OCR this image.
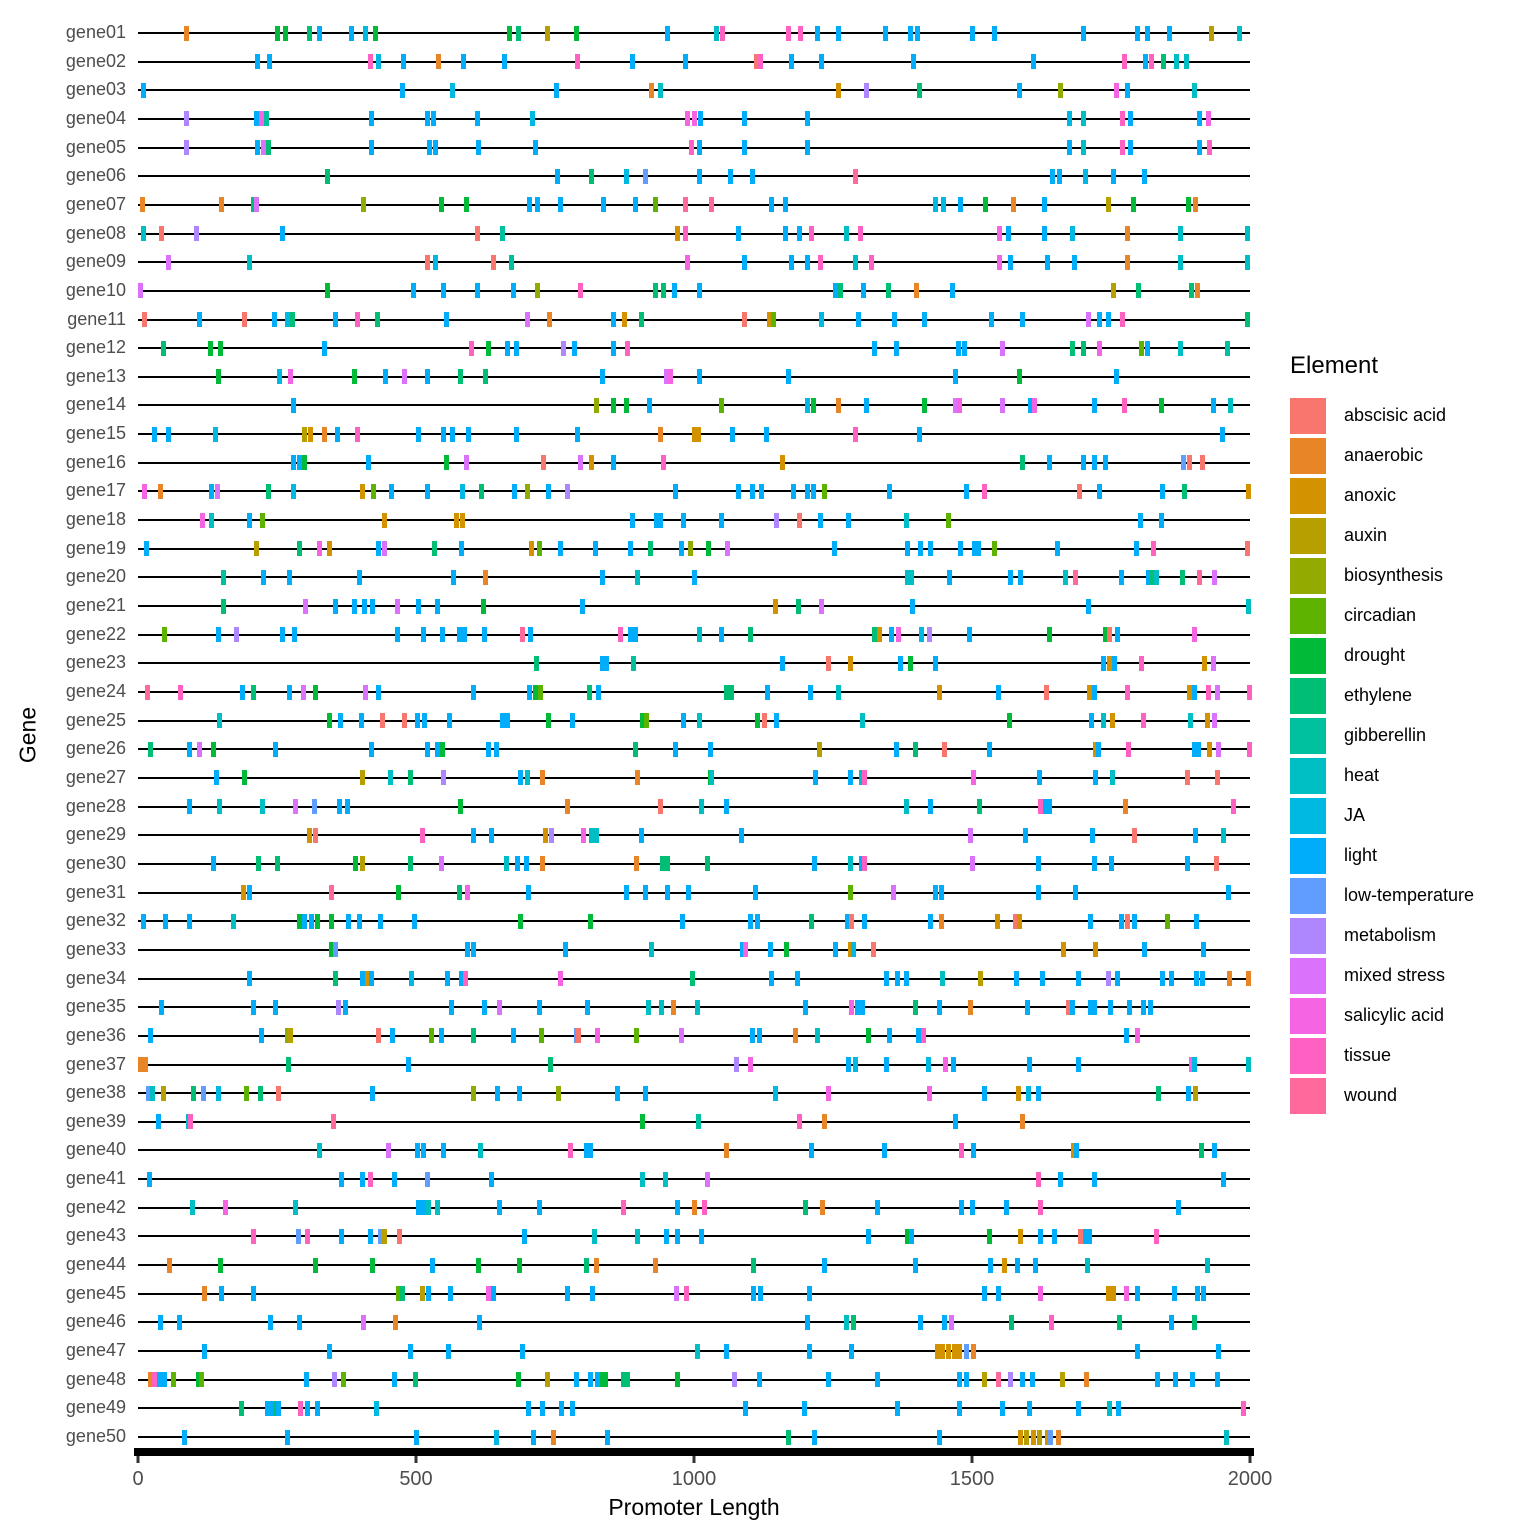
Gene
gene01
gene02
gene03
gene04
gene05
gene06
gene07
gene08
gene09
gene10
gene11
gene12
gene13
gene14
gene15
gene16
gene17
gene18
gene19
gene20
gene21
gene22
gene23
gene24
gene25
gene26
gene27
gene28
gene29
gene30
gene31
gene32
gene33
gene34
gene35
gene36
gene37
gene38
gene39
gene40
gene41
gene42
gene43
gene44
gene45
gene46
gene47
gene48
gene49
gene50
0	500	1000	1500	2000
Promoter Length
Element
abscisic acid
anaerobic
anoxic
auxin
biosynthesis
circadian
drought
ethylene
gibberellin
heat
JA
light
low-temperature
metabolism
mixed stress
salicylic acid
tissue
wound
